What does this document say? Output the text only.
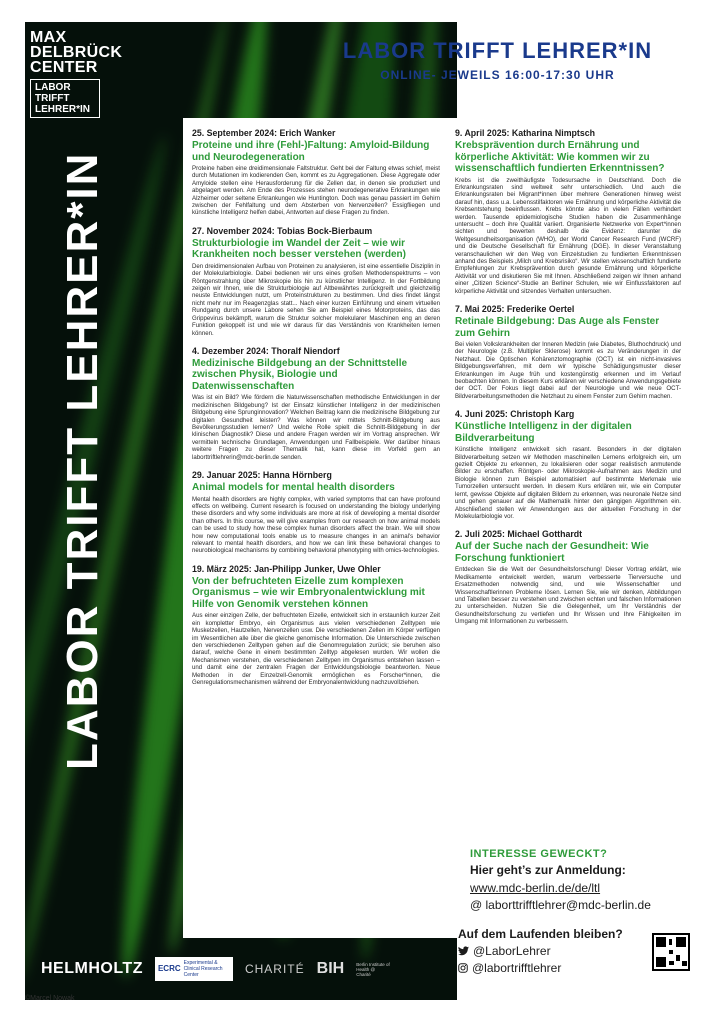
MAX
DELBRÜCK
CENTER
LABOR TRIFFT
LEHRER*IN
LABOR TRIFFT LEHRER*IN
LABOR TRIFFT LEHRER*IN
ONLINE- JEWEILS 16:00-17:30 UHR
25. September 2024: Erich Wanker
Proteine und ihre (Fehl-)Faltung: Amyloid-Bildung und Neurodegeneration
Proteine haben eine dreidimensionale Faltstruktur. Geht bei der Faltung etwas schief, meist durch Mutationen im kodierenden Gen, kommt es zu Aggregationen. Diese Aggregate oder Amyloide stellen eine Herausforderung für die Zellen dar, in denen sie produziert und abgelagert werden. Am Ende des Prozesses stehen neurodegenerative Erkrankungen wie Alzheimer oder seltene Erkrankungen wie Huntington. Doch was genau passiert im Gehirn zwischen der Fehlfaltung und dem Absterben von Nervenzellen? Essigfliegen und künstliche Intelligenz helfen dabei, Antworten auf diese Fragen zu finden.
27. November 2024: Tobias Bock-Bierbaum
Strukturbiologie im Wandel der Zeit – wie wir Krankheiten noch besser verstehen (werden)
Den dreidimensionalen Aufbau von Proteinen zu analysieren, ist eine essentielle Disziplin in der Molekularbiologie. Dabei bedienen wir uns eines großen Methodenspektrums – von Röntgenstrahlung über Mikroskopie bis hin zu künstlicher Intelligenz. In der Fortbildung zeigen wir Ihnen, wie die Strukturbiologie auf Altbewährtes zurückgreift und gleichzeitig neuste Entwicklungen nutzt, um Proteinstrukturen zu bestimmen. Und dies findet längst nicht mehr nur im Reagenzglas statt... Nach einer kurzen Einführung und einem virtuellen Rundgang durch unsere Labore sehen Sie am Beispiel eines Motorproteins, das das Grippevirus bekämpft, warum die Struktur solcher molekularer Maschinen eng an deren Funktion gekoppelt ist und wie wir daraus für das Verständnis von Krankheiten lernen können.
4. Dezember 2024: Thoralf Niendorf
Medizinische Bildgebung an der Schnittstelle zwischen Physik, Biologie und Datenwissenschaften
Was ist ein Bild? Wie fördern die Naturwissenschaften methodische Entwicklungen in der medizinischen Bildgebung? Ist der Einsatz künstlicher Intelligenz in der medizinischen Bildgebung eine Sprunginnovation? Welchen Beitrag kann die medizinische Bildgebung zur digitalen Gesundheit leisten? Was können wir mittels Schnitt-Bildgebung aus Bevölkerungsstudien lernen? Und welche Rolle spielt die Schnitt-Bildgebung in der klinischen Diagnostik? Diese und andere Fragen werden wir im Vortrag ansprechen. Wir vermitteln technische Grundlagen, Anwendungen und Fallbeispiele. Wer darüber hinaus weitere Fragen zu dieser Thematik hat, kann diese im Vorfeld gern an laborttriftlehrerin@mdc-berlin.de senden.
29. Januar 2025: Hanna Hörnberg
Animal models for mental health disorders
Mental health disorders are highly complex, with varied symptoms that can have profound effects on wellbeing. Current research is focused on understanding the biology underlying these disorders and why some individuals are more at risk of developing a mental disorder than others. In this course, we will give examples from our research on how animal models can be used to study how these complex human disorders affect the brain. We will show how new computational tools enable us to measure changes in an animal's behavior relevant to mental health disorders, and how we can link these behavioral changes to neurobiological mechanisms by combining behavioral phenotyping with omics-technologies.
19. März 2025: Jan-Philipp Junker, Uwe Ohler
Von der befruchteten Eizelle zum komplexen Organismus – wie wir Embryonalentwicklung mit Hilfe von Genomik verstehen können
Aus einer einzigen Zelle, der befruchteten Eizelle, entwickelt sich in erstaunlich kurzer Zeit ein kompletter Embryo, ein Organismus aus vielen verschiedenen Zelltypen wie Muskelzellen, Hautzellen, Nervenzellen usw. Die verschiedenen Zellen im Körper verfügen im Wesentlichen alle über die gleiche genomische Information. Die Unterschiede zwischen den verschiedenen Zelltypen gehen auf die Genomregulation zurück; sie beruhen also darauf, welche Gene in einem bestimmten Zelltyp abgelesen wurden. Wir wollen die Mechanismen verstehen, die verschiedenen Zelltypen im Organismus entstehen lassen – und damit eine der zentralen Fragen der Entwicklungsbiologie beantworten. Neue Methoden in der Einzelzell-Genomik ermöglichen es Forscher*innen, die Genregulationsmechanismen während der Embryonalentwicklung nachzuvollziehen.
9. April 2025: Katharina Nimptsch
Krebsprävention durch Ernährung und körperliche Aktivität: Wie kommen wir zu wissenschaftlich fundierten Erkenntnissen?
Krebs ist die zweithäufigste Todesursache in Deutschland. Doch die Erkrankungsraten sind weltweit sehr unterschiedlich. Und auch die Erkrankungsraten bei Migrant*innen über mehrere Generationen hinweg weist darauf hin, dass u.a. Lebensstilfaktoren wie Ernährung und körperliche Aktivität die Krebsentstehung beeinflussen. Krebs könnte also in vielen Fällen verhindert werden. Tausende epidemiologische Studien haben die Zusammenhänge untersucht – doch ihre Qualität variiert. Organisierte Netzwerke von Expert*innen sichten und bewerten deshalb die Evidenz: darunter die Weltgesundheitsorganisation (WHO), der World Cancer Research Fund (WCRF) und die Deutsche Gesellschaft für Ernährung (DGE). In dieser Veranstaltung veranschaulichen wir den Weg von Einzelstudien zu fundierten Erkenntnissen anhand des Beispiels „Milch und Krebsrisiko“. Wir stellen wissenschaftlich fundierte Empfehlungen zur Krebsprävention durch gesunde Ernährung und körperliche Aktivität vor und diskutieren Sie mit Ihnen. Abschließend zeigen wir Ihnen anhand einer „Citizen Science“-Studie an Berliner Schulen, wie wir Einflussfaktoren auf körperliche Aktivität und sitzendes Verhalten untersuchen.
7. Mai 2025: Frederike Oertel
Retinale Bildgebung: Das Auge als Fenster zum Gehirn
Bei vielen Volkskrankheiten der Inneren Medizin (wie Diabetes, Bluthochdruck) und der Neurologie (z.B. Multipler Sklerose) kommt es zu Veränderungen in der Netzhaut. Die Optischen Kohärenztomographie (OCT) ist ein nicht-invasives Bildgebungsverfahren, mit dem wir typische Schädigungsmuster dieser Erkrankungen im Auge früh und kostengünstig erkennen und im Verlauf beobachten können. In diesem Kurs erklären wir verschiedene Anwendungsgebiete der OCT. Der Fokus liegt dabei auf der Neurologie und wie neue OCT-Bildverarbeitungsmethoden die Netzhaut zu einem Fenster zum Gehirn machen.
4. Juni 2025: Christoph Karg
Künstliche Intelligenz in der digitalen Bildverarbeitung
Künstliche Intelligenz entwickelt sich rasant. Besonders in der digitalen Bildverarbeitung setzen wir Methoden maschinellen Lernens erfolgreich ein, um gezielt Objekte zu erkennen, zu lokalisieren oder sogar realistisch anmutende Bilder zu erschaffen. Röntgen- oder Mikroskopie-Aufnahmen aus Medizin und Biologie können zum Beispiel automatisiert auf bestimmte Merkmale wie Tumorzellen untersucht werden. In diesem Kurs erklären wir, wie ein Computer lernt, gewisse Objekte auf digitalen Bildern zu erkennen, was neuronale Netze sind und gehen genauer auf die Mathematik hinter den gängigen Algorithmen ein. Abschließend stellen wir Anwendungen aus der aktuellen Forschung in der Molekularbiologie vor.
2. Juli 2025: Michael Gotthardt
Auf der Suche nach der Gesundheit: Wie Forschung funktioniert
Entdecken Sie die Welt der Gesundheitsforschung! Dieser Vortrag erklärt, wie Medikamente entwickelt werden, warum verbesserte Tierversuche und Ersatzmethoden notwendig sind, und wie Wissenschaftler und Wissenschaftlerinnen Probleme lösen. Lernen Sie, wie wir denken, Abbildungen und Tabellen besser zu verstehen und zwischen echten und falschen Informationen zu unterscheiden. Nutzen Sie die Gelegenheit, um Ihr Verständnis der Gesundheitsforschung zu vertiefen und Ihr Wissen und Ihre Fähigkeiten im Umgang mit Informationen zu verbessern.
INTERESSE GEWECKT?
Hier geht’s zur Anmeldung:
www.mdc-berlin.de/de/ltl
@ laborttrifftlehrer@mdc-berlin.de
Auf dem Laufenden bleiben?
@LaborLehrer
@labortrifftlehrer
HELMHOLTZ ECRC
Experimental & Clinical Research Center	CHARITÉ BIH	Berlin Institute of Health @ Charité
©Marcel Nowak
